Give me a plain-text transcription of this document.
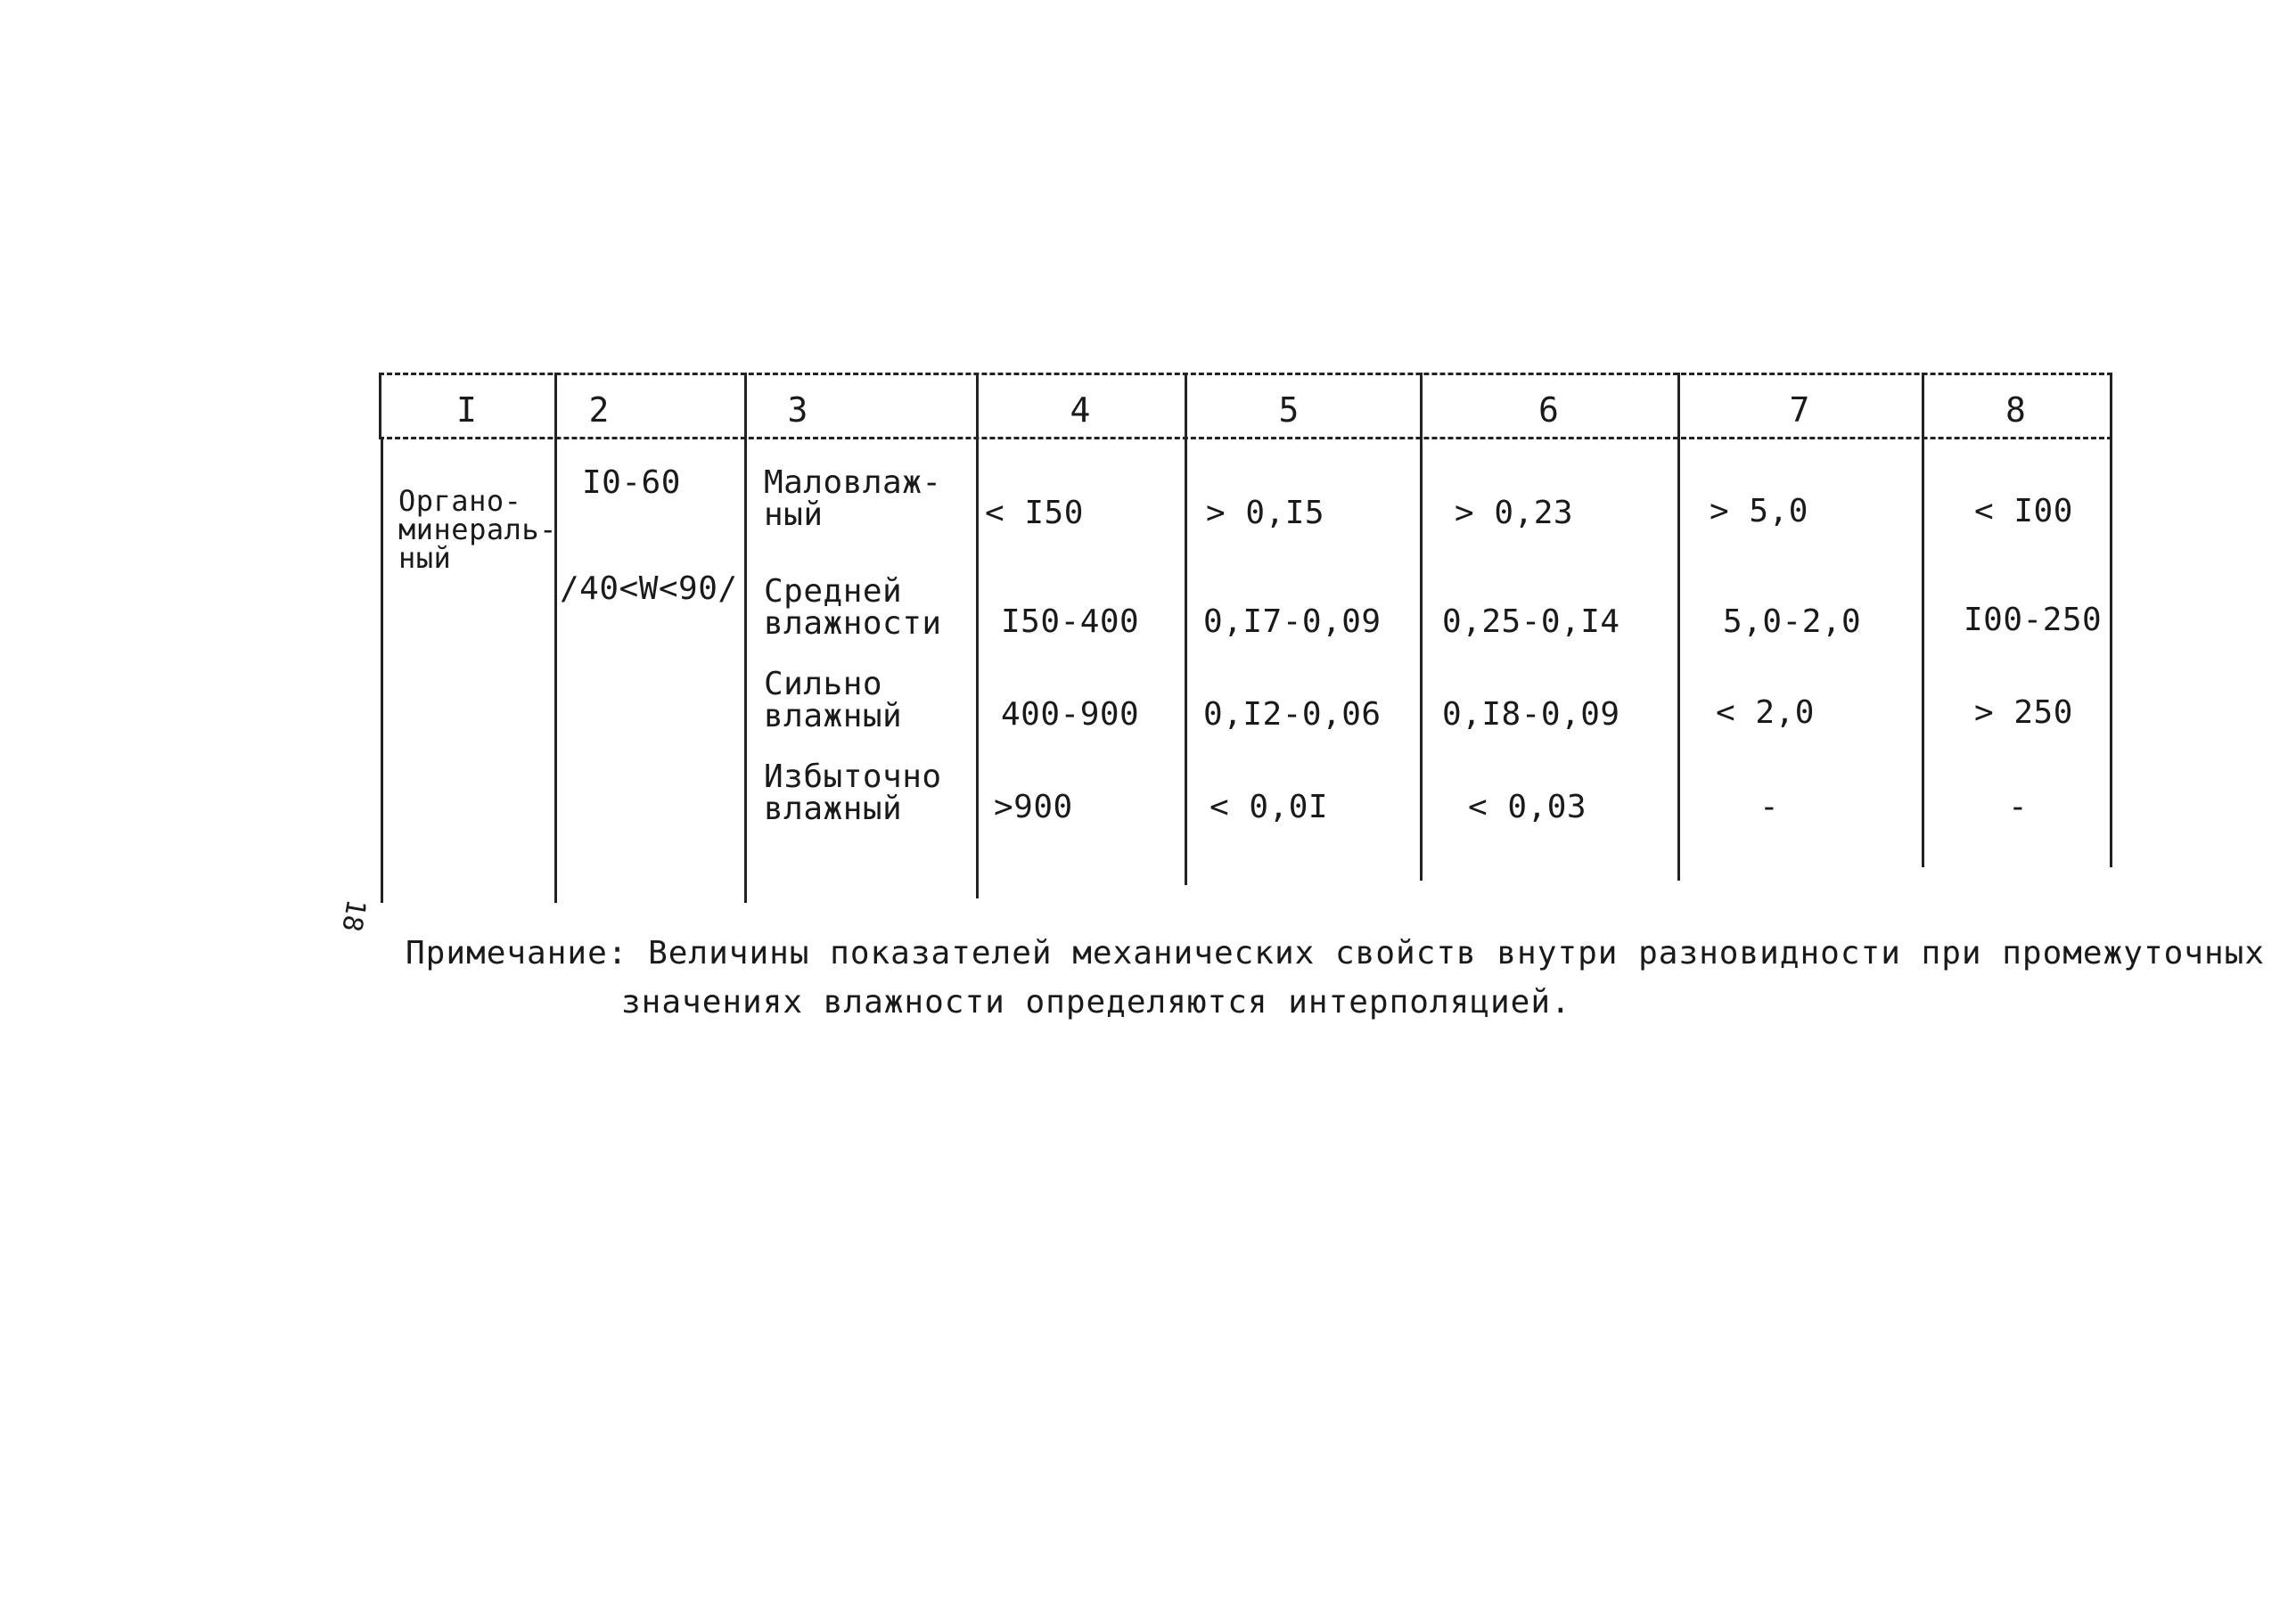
I	2	3	4	5	6	7	8
Органо-
минераль-
ный
I0-60
/40<W<90/
Маловлаж-
ный	< I50	> 0,I5	> 0,23	> 5,0	< I00
Средней
влажности I50-400 0,I7-0,09 0,25-0,I4	5,0-2,0	I00-250
Сильно
влажный	400-900 0,I2-0,06 0,I8-0,09	< 2,0	> 250
Избыточно
влажный	>900	< 0,0I	< 0,03	-	-
18
Примечание: Величины показателей механических свойств внутри разновидности при промежуточных
значениях влажности определяются интерполяцией.
